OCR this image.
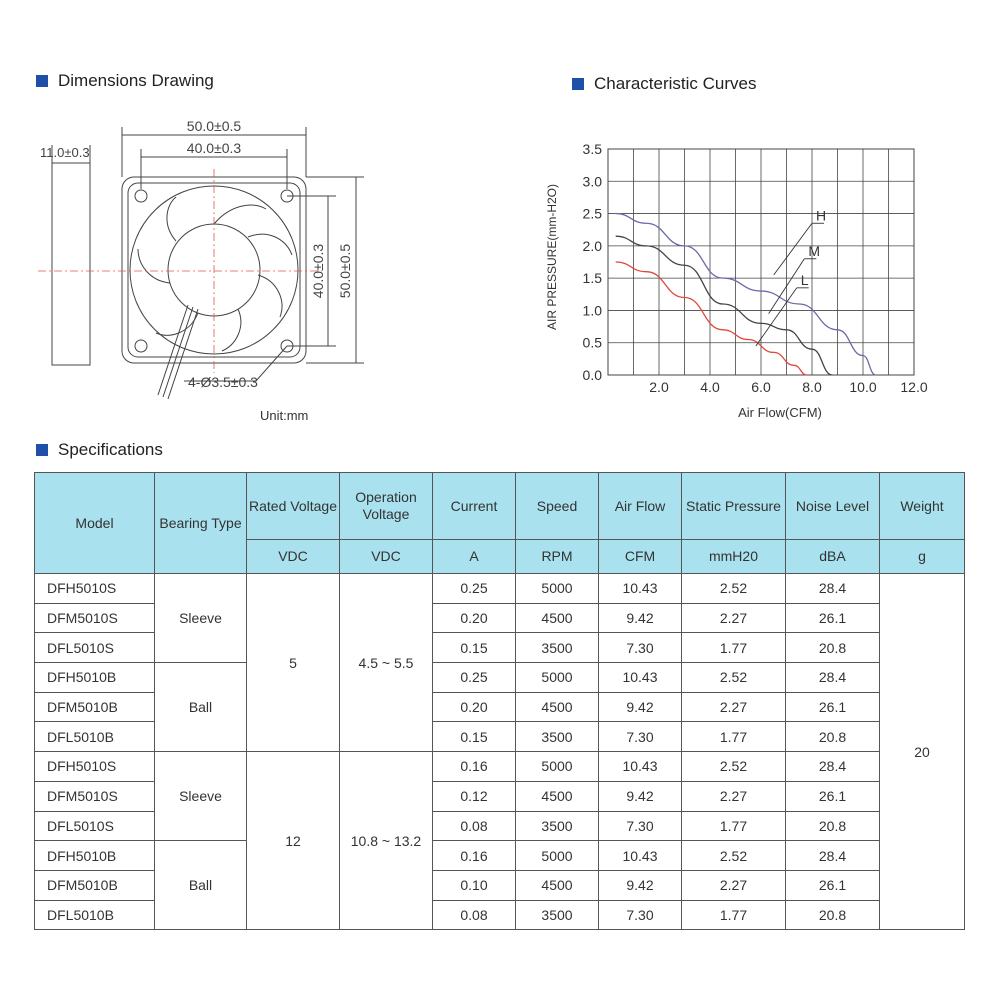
Dimensions Drawing	Characteristic Curves
Specifications
11.0±0.3
50.0±0.5
40.0±0.3
40.0±0.3 50.0±0.5
4-Ø3.5±0.3
Unit:mm
2.0 4.0 6.0 8.0 10.0 12.0
0.0
0.5
1.0
1.5
2.0
2.5
3.0
3.5
H
M
L
Air Flow(CFM)
AIR PRESSURE(mm-H2O)
Model	Bearing Type	Rated Voltage	Operation Voltage	Current	Speed	Air Flow	Static Pressure	Noise Level	Weight
		VDC	VDC	A	RPM	CFM	mmH20	dBA	g
DFH5010S	Sleeve	5	4.5 ~ 5.5	0.25	5000	10.43	2.52	28.4	20
DFM5010S				0.20	4500	9.42	2.27	26.1	
DFL5010S				0.15	3500	7.30	1.77	20.8	
DFH5010B	Ball			0.25	5000	10.43	2.52	28.4	
DFM5010B				0.20	4500	9.42	2.27	26.1	
DFL5010B				0.15	3500	7.30	1.77	20.8	
DFH5010S	Sleeve	12	10.8 ~ 13.2	0.16	5000	10.43	2.52	28.4	
DFM5010S				0.12	4500	9.42	2.27	26.1	
DFL5010S				0.08	3500	7.30	1.77	20.8	
DFH5010B	Ball			0.16	5000	10.43	2.52	28.4	
DFM5010B				0.10	4500	9.42	2.27	26.1	
DFL5010B				0.08	3500	7.30	1.77	20.8	
